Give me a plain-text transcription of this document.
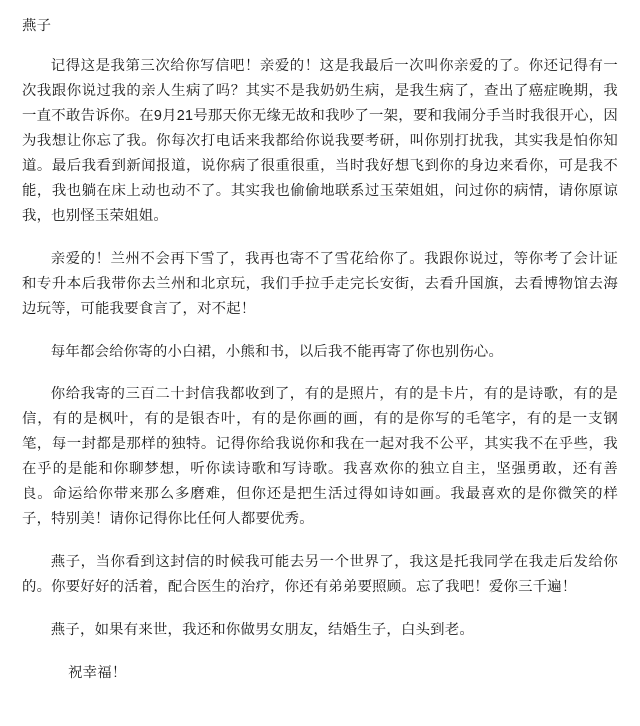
燕子

记得这是我第三次给你写信吧！亲爱的！这是我最后一次叫你亲爱的了。你还记得有一次我跟你说过我的亲人生病了吗？其实不是我奶奶生病，是我生病了，查出了癌症晚期，我一直不敢告诉你。在9月21号那天你无缘无故和我吵了一架，要和我闹分手当时我很开心，因为我想让你忘了我。你每次打电话来我都给你说我要考研，叫你别打扰我，其实我是怕你知道。最后我看到新闻报道，说你病了很重很重，当时我好想飞到你的身边来看你，可是我不能，我也躺在床上动也动不了。其实我也偷偷地联系过玉荣姐姐，问过你的病情，请你原谅我，也别怪玉荣姐姐。

亲爱的！兰州不会再下雪了，我再也寄不了雪花给你了。我跟你说过，等你考了会计证和专升本后我带你去兰州和北京玩，我们手拉手走完长安街，去看升国旗，去看博物馆去海边玩等，可能我要食言了，对不起！

每年都会给你寄的小白裙，小熊和书，以后我不能再寄了你也别伤心。

你给我寄的三百二十封信我都收到了，有的是照片，有的是卡片，有的是诗歌，有的是信，有的是枫叶，有的是银杏叶，有的是你画的画，有的是你写的毛笔字，有的是一支钢笔，每一封都是那样的独特。记得你给我说你和我在一起对我不公平，其实我不在乎些，我在乎的是能和你聊梦想，听你读诗歌和写诗歌。我喜欢你的独立自主，坚强勇敢，还有善良。命运给你带来那么多磨难，但你还是把生活过得如诗如画。我最喜欢的是你微笑的样子，特别美！请你记得你比任何人都要优秀。

燕子，当你看到这封信的时候我可能去另一个世界了，我这是托我同学在我走后发给你的。你要好好的活着，配合医生的治疗，你还有弟弟要照顾。忘了我吧！爱你三千遍！

燕子，如果有来世，我还和你做男女朋友，结婚生子，白头到老。

祝幸福！
